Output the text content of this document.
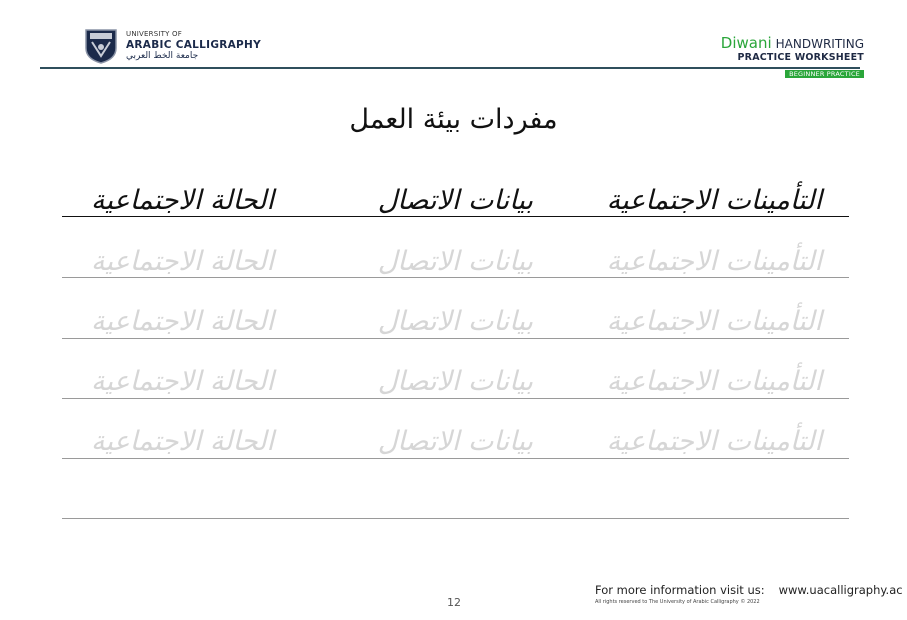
UNIVERSITY OF
ARABIC CALLIGRAPHY
جامعة الخط العربي
Diwani HANDWRITING
PRACTICE WORKSHEET
BEGINNER PRACTICE
مفردات بيئة العمل
التأمينات الاجتماعية
بيانات الاتصال
الحالة الاجتماعية
التأمينات الاجتماعية
بيانات الاتصال
الحالة الاجتماعية
التأمينات الاجتماعية
بيانات الاتصال
الحالة الاجتماعية
التأمينات الاجتماعية
بيانات الاتصال
الحالة الاجتماعية
التأمينات الاجتماعية
بيانات الاتصال
الحالة الاجتماعية
12
For more information visit us: www.uacalligraphy.ac
All rights reserved to The University of Arabic Calligraphy © 2022
